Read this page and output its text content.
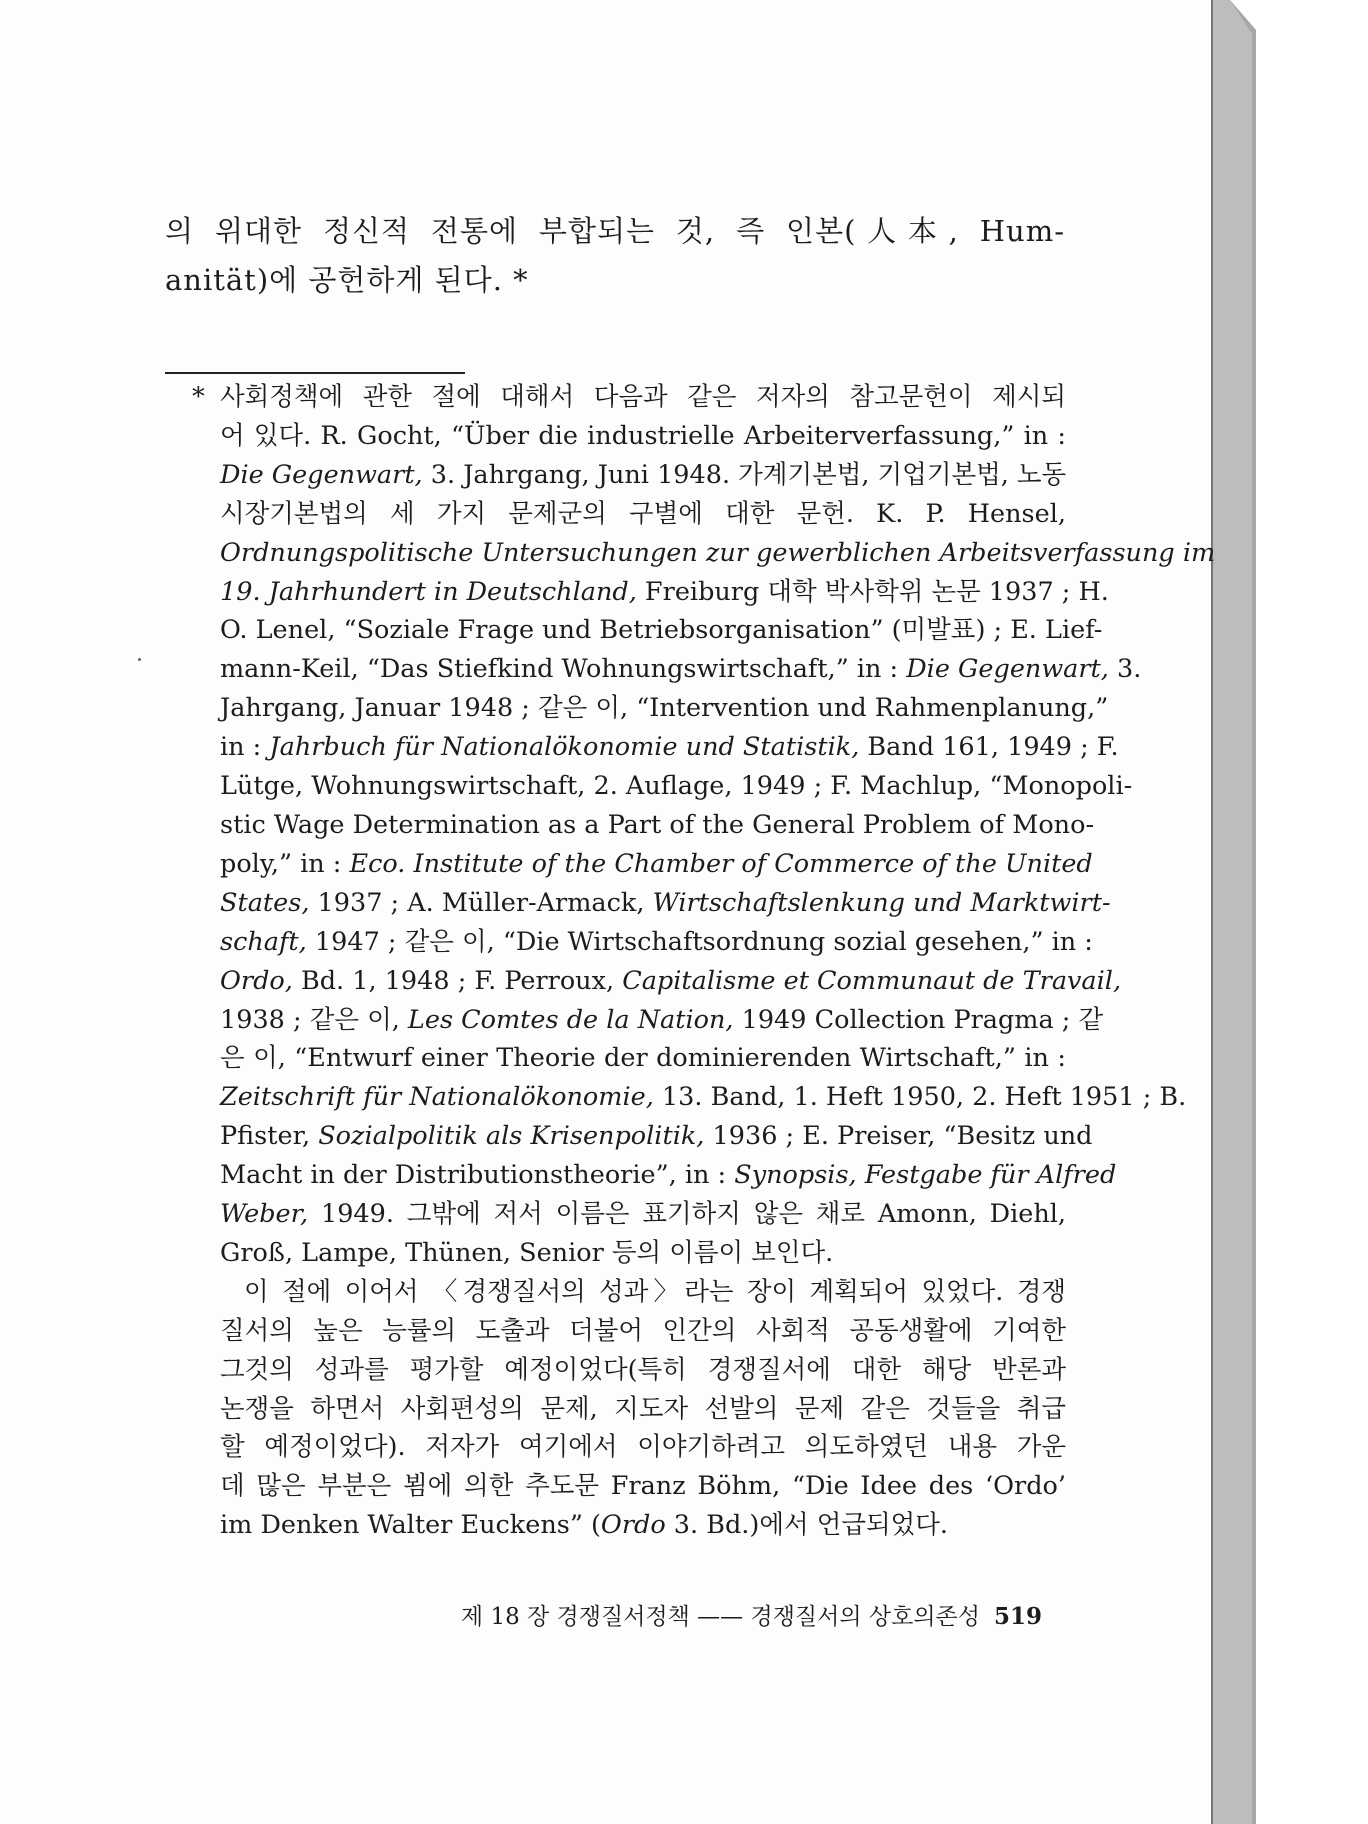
의 위대한 정신적 전통에 부합되는 것, 즉 인본(人本, Hum-
anität)에 공헌하게 된다. *
* 사회정책에 관한 절에 대해서 다음과 같은 저자의 참고문헌이 제시되
어 있다. R. Gocht, “Über die industrielle Arbeiterverfassung,” in :
Die Gegenwart, 3. Jahrgang, Juni 1948. 가계기본법, 기업기본법, 노동
시장기본법의 세 가지 문제군의 구별에 대한 문헌. K. P. Hensel,
Ordnungspolitische Untersuchungen zur gewerblichen Arbeitsverfassung im
19. Jahrhundert in Deutschland, Freiburg 대학 박사학위 논문 1937 ; H.
O. Lenel, “Soziale Frage und Betriebsorganisation” (미발표) ; E. Lief-
mann-Keil, “Das Stiefkind Wohnungswirtschaft,” in : Die Gegenwart,
Jahrgang, Januar 1948 ; 같은 이, “Intervention und Rahmenplanung,”
in : Jahrbuch für Nationalökonomie und Statistik, Band 161, 1949 ; F.
Lütge, Wohnungswirtschaft, 2. Auflage, 1949 ; F. Machlup, “Monopoli-
stic Wage Determination as a Part of the General Problem of Mono-
poly,” in : Eco. Institute of the Chamber of Commerce of the United
States, 1937 ; A. Müller-Armack, Wirtschaftslenkung und Marktwirt-
schaft, 1947 ; 같은 이, “Die Wirtschaftsordnung sozial gesehen,” in :
Ordo, Bd. 1, 1948 ; F. Perroux, Capitalisme et Communaut de Travail,
1938 ; 같은 이, Les Comtes de la Nation, 1949 Collection Pragma ; 같
은 이, “Entwurf einer Theorie der dominierenden Wirtschaft,” in :
Zeitschrift für Nationalökonomie, 13. Band, 1. Heft 1950, 2. Heft 1951 ; B.
Pfister, Sozialpolitik als Krisenpolitik, 1936 ; E. Preiser, “Besitz und
Macht in der Distributionstheorie”, in : Synopsis, Festgabe für Alfred
Weber, 1949. 그밖에 저서 이름은 표기하지 않은 채로 Amonn, Diehl,
Groß, Lampe, Thünen, Senior 등의 이름이 보인다.
이 절에 이어서 〈경쟁질서의 성과〉라는 장이 계획되어 있었다. 경쟁
질서의 높은 능률의 도출과 더불어 인간의 사회적 공동생활에 기여한
그것의 성과를 평가할 예정이었다(특히 경쟁질서에 대한 해당 반론과
논쟁을 하면서 사회편성의 문제, 지도자 선발의 문제 같은 것들을 취급
할 예정이었다). 저자가 여기에서 이야기하려고 의도하였던 내용 가운
데 많은 부분은 뵘에 의한 추도문 Franz Böhm, “Die Idee des ‘Ordo’
im Denken Walter Euckens” (Ordo 3. Bd.)에서 언급되었다.
제 18 장 경쟁질서정책 —— 경쟁질서의 상호의존성 519
